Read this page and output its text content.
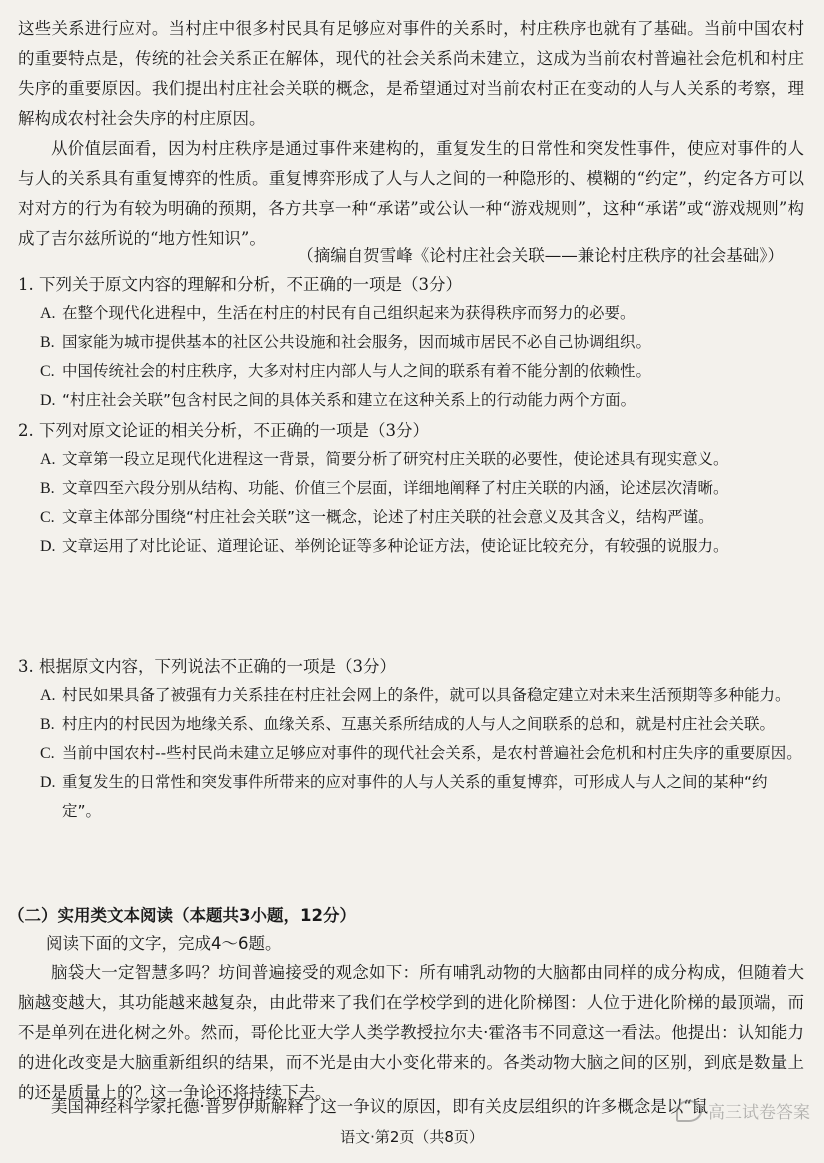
这些关系进行应对。当村庄中很多村民具有足够应对事件的关系时，村庄秩序也就有了基础。当前中国农村的重要特点是，传统的社会关系正在解体，现代的社会关系尚未建立，这成为当前农村普遍社会危机和村庄失序的重要原因。我们提出村庄社会关联的概念，是希望通过对当前农村正在变动的人与人关系的考察，理解构成农村社会失序的村庄原因。

从价值层面看，因为村庄秩序是通过事件来建构的，重复发生的日常性和突发性事件，使应对事件的人与人的关系具有重复博弈的性质。重复博弈形成了人与人之间的一种隐形的、模糊的“约定”，约定各方可以对对方的行为有较为明确的预期，各方共享一种“承诺”或公认一种“游戏规则”，这种“承诺”或“游戏规则”构成了吉尔兹所说的“地方性知识”。

（摘编自贺雪峰《论村庄社会关联——兼论村庄秩序的社会基础》）

1. 下列关于原文内容的理解和分析，不正确的一项是（3分）

A. 在整个现代化进程中，生活在村庄的村民有自己组织起来为获得秩序而努力的必要。

B. 国家能为城市提供基本的社区公共设施和社会服务，因而城市居民不必自己协调组织。

C. 中国传统社会的村庄秩序，大多对村庄内部人与人之间的联系有着不能分割的依赖性。

D. “村庄社会关联”包含村民之间的具体关系和建立在这种关系上的行动能力两个方面。

2. 下列对原文论证的相关分析，不正确的一项是（3分）

A. 文章第一段立足现代化进程这一背景，简要分析了研究村庄关联的必要性，使论述具有现实意义。

B. 文章四至六段分别从结构、功能、价值三个层面，详细地阐释了村庄关联的内涵，论述层次清晰。

C. 文章主体部分围绕“村庄社会关联”这一概念，论述了村庄关联的社会意义及其含义，结构严谨。

D. 文章运用了对比论证、道理论证、举例论证等多种论证方法，使论证比较充分，有较强的说服力。

3. 根据原文内容，下列说法不正确的一项是（3分）

A. 村民如果具备了被强有力关系挂在村庄社会网上的条件，就可以具备稳定建立对未来生活预期等多种能力。

B. 村庄内的村民因为地缘关系、血缘关系、互惠关系所结成的人与人之间联系的总和，就是村庄社会关联。

C. 当前中国农村--些村民尚未建立足够应对事件的现代社会关系，是农村普遍社会危机和村庄失序的重要原因。

D. 重复发生的日常性和突发事件所带来的应对事件的人与人关系的重复博弈，可形成人与人之间的某种“约定”。

（二）实用类文本阅读（本题共3小题，12分）
阅读下面的文字，完成4～6题。

脑袋大一定智慧多吗？坊间普遍接受的观念如下：所有哺乳动物的大脑都由同样的成分构成，但随着大脑越变越大，其功能越来越复杂，由此带来了我们在学校学到的进化阶梯图：人位于进化阶梯的最顶端，而不是单列在进化树之外。然而，哥伦比亚大学人类学教授拉尔夫·霍洛韦不同意这一看法。他提出：认知能力的进化改变是大脑重新组织的结果，而不光是由大小变化带来的。各类动物大脑之间的区别，到底是数量上的还是质量上的？这一争论还将持续下去。

美国神经科学家托德·普罗伊斯解释了这一争议的原因，即有关皮层组织的许多概念是以“鼠 高三试卷答案
语文·第2页（共8页）
